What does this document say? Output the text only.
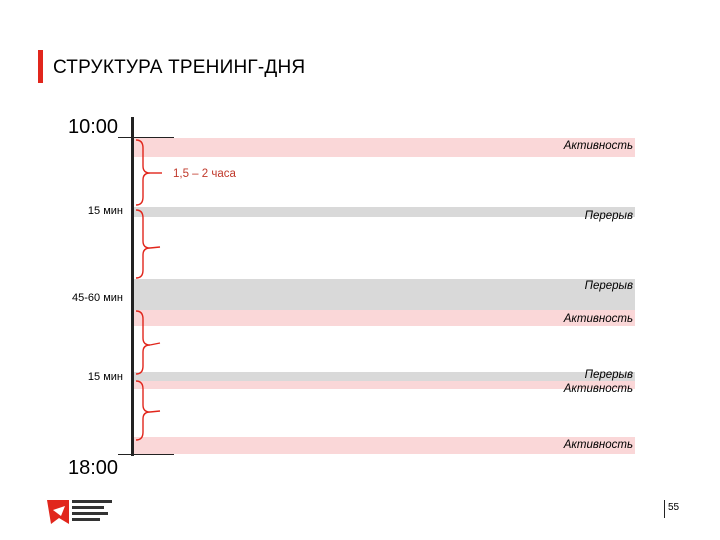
СТРУКТУРА ТРЕНИНГ-ДНЯ
10:00
18:00
Активность
Перерыв
Перерыв
Активность
Перерыв
Активность
Активность
15 мин
45-60 мин
15 мин
1,5 – 2 часа
55
